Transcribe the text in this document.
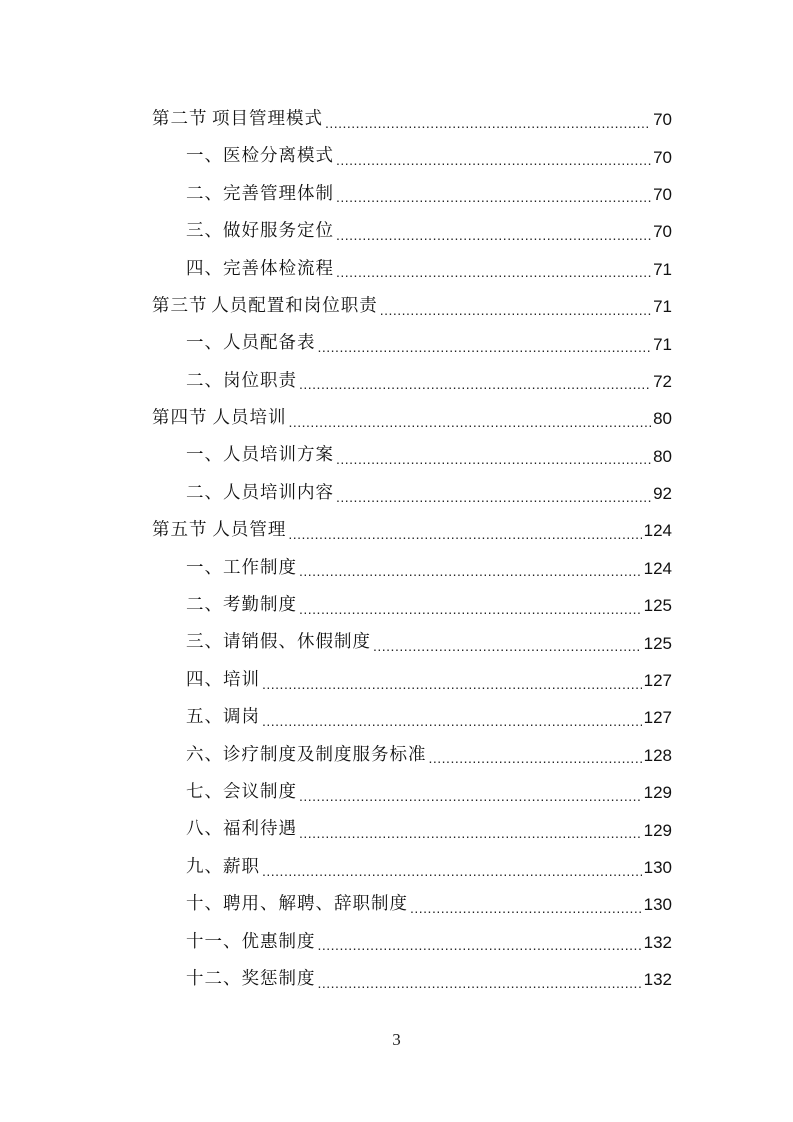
第二节 项目管理模式 .....	70
一、 医检分离模式 .....	70
二、 完善管理体制 .....	70
三、 做好服务定位 .....	70
四、 完善体检流程 .....	71
第三节 人员配置和岗位职责 .....	71
一、 人员配备表 .....	71
二、 岗位职责 .....	72
第四节 人员培训 .....	80
一、 人员培训方案 .....	80
二、 人员培训内容 .....	92
第五节 人员管理 .....	124
一、 工作制度 .....	124
二、 考勤制度 .....	125
三、 请销假、休假制度 .....	125
四、 培训 .....	127
五、 调岗 .....	127
六、 诊疗制度及制度服务标准 .....	128
七、 会议制度 .....	129
八、 福利待遇 .....	129
九、 薪职 .....	130
十、 聘用、解聘、辞职制度 .....	130
十一、 优惠制度 .....	132
十二、 奖惩制度 .....	132
3
